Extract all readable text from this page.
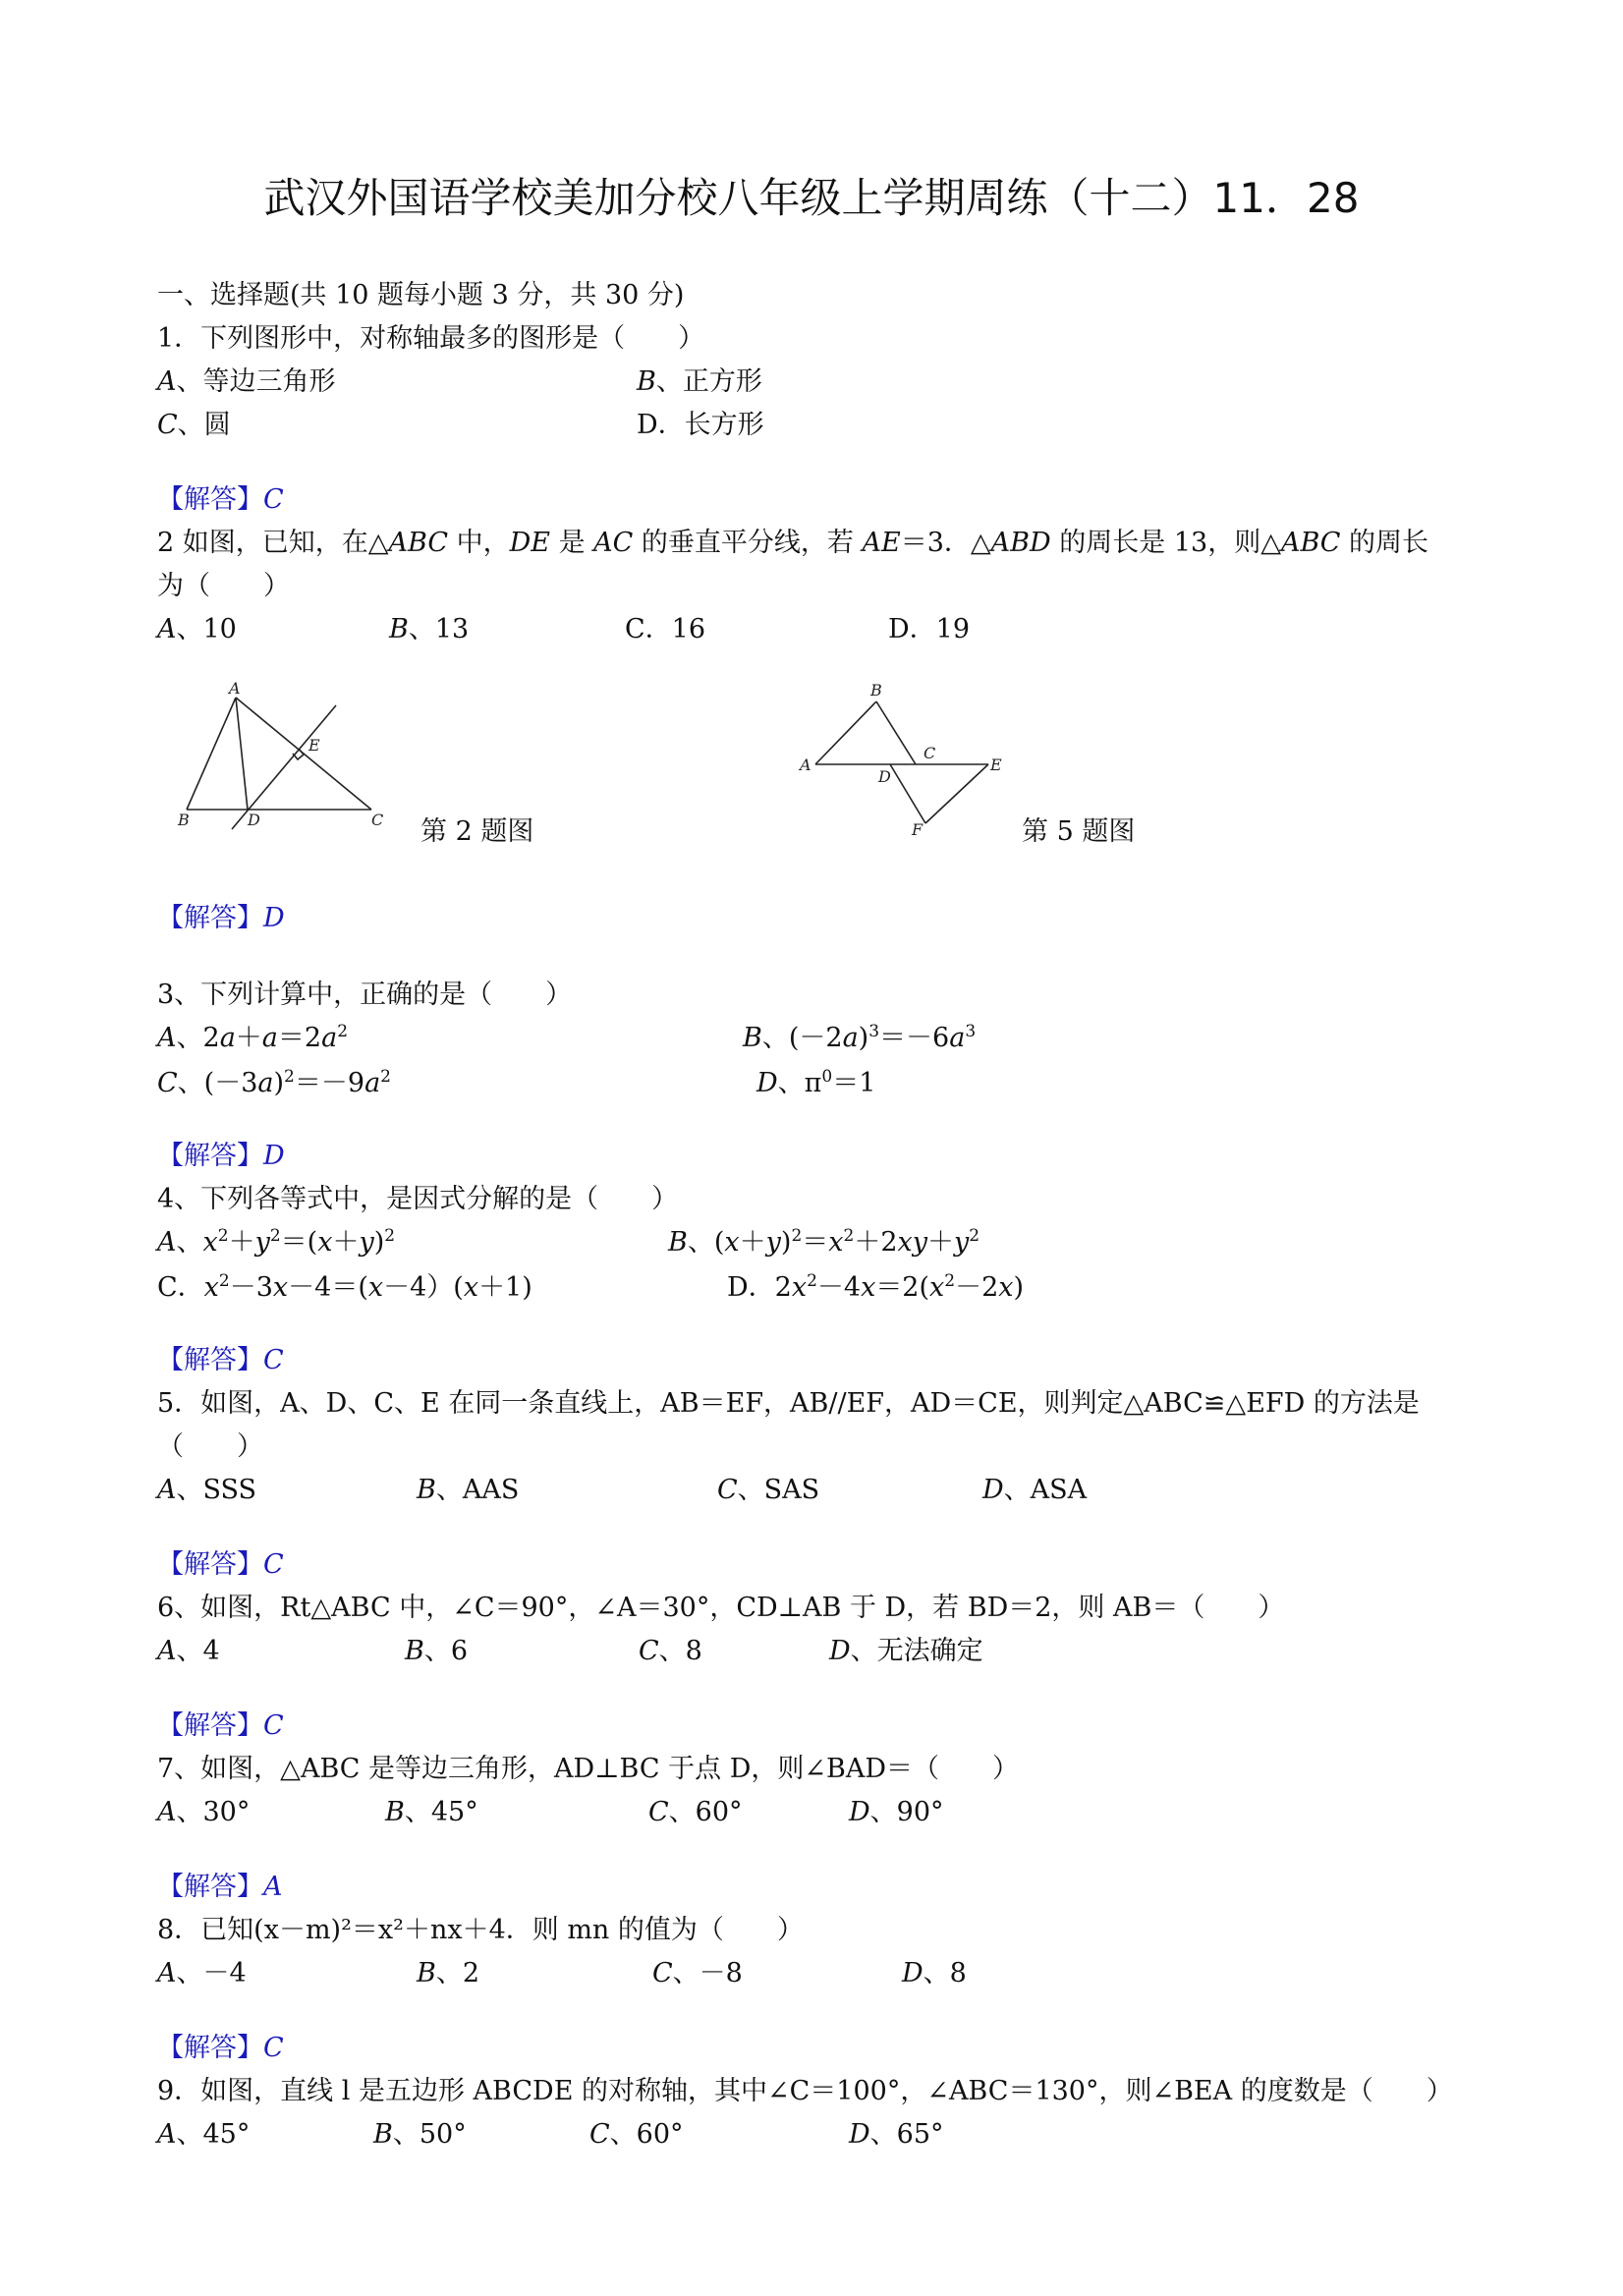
武汉外国语学校美加分校八年级上学期周练（十二）11．28
一、选择题(共 10 题每小题 3 分，共 30 分)
1．下列图形中，对称轴最多的图形是（　　）
A、等边三角形	B、正方形
C、圆	D．长方形
【解答】C
2 如图，已知，在△ABC 中，DE 是 AC 的垂直平分线，若 AE＝3．△ABD 的周长是 13，则△ABC 的周长
为（　　）
A、10	B、13	C．16	D．19
A
B	C
D
E
第 2 题图
A
B
C
D
E
F	第 5 题图
【解答】D
3、下列计算中，正确的是（　　）
A、$2a+a=2a^2$	B、$(-2a)^3=-6a^3$
C、$(-3a)^2=-9a^2$	D、$\pi^0=1$
【解答】D
4、下列各等式中，是因式分解的是（　　）
A、$x^2+y^2=(x+y)^2$	B、$(x+y)^2=x^2+2xy+y^2$
C．$x^2-3x-4=(x-4)(x+1)$	D．$2x^2-4x=2(x^2-2x)$
【解答】C
5．如图，A、D、C、E 在同一条直线上，AB＝EF，AB//EF，AD＝CE，则判定△ABC≌△EFD 的方法是
（　　）
A、SSS	B、AAS	C、SAS	D、ASA
【解答】C
6、如图，Rt△ABC 中，∠C＝90°，∠A＝30°，CD⊥AB 于 D，若 BD＝2，则 AB＝（　　）
A、4	B、6	C、8	D、无法确定
【解答】C
7、如图，△ABC 是等边三角形，AD⊥BC 于点 D，则∠BAD＝（　　）
A、30°	B、45°	C、60°	D、90°
【解答】A
8．已知(x－m)²＝x²＋nx＋4．则 mn 的值为（　　）
A、－4	B、2	C、－8	D、8
【解答】C
9．如图，直线 l 是五边形 ABCDE 的对称轴，其中∠C＝100°，∠ABC＝130°，则∠BEA 的度数是（　　）
A、45°	B、50°	C、60°	D、65°
